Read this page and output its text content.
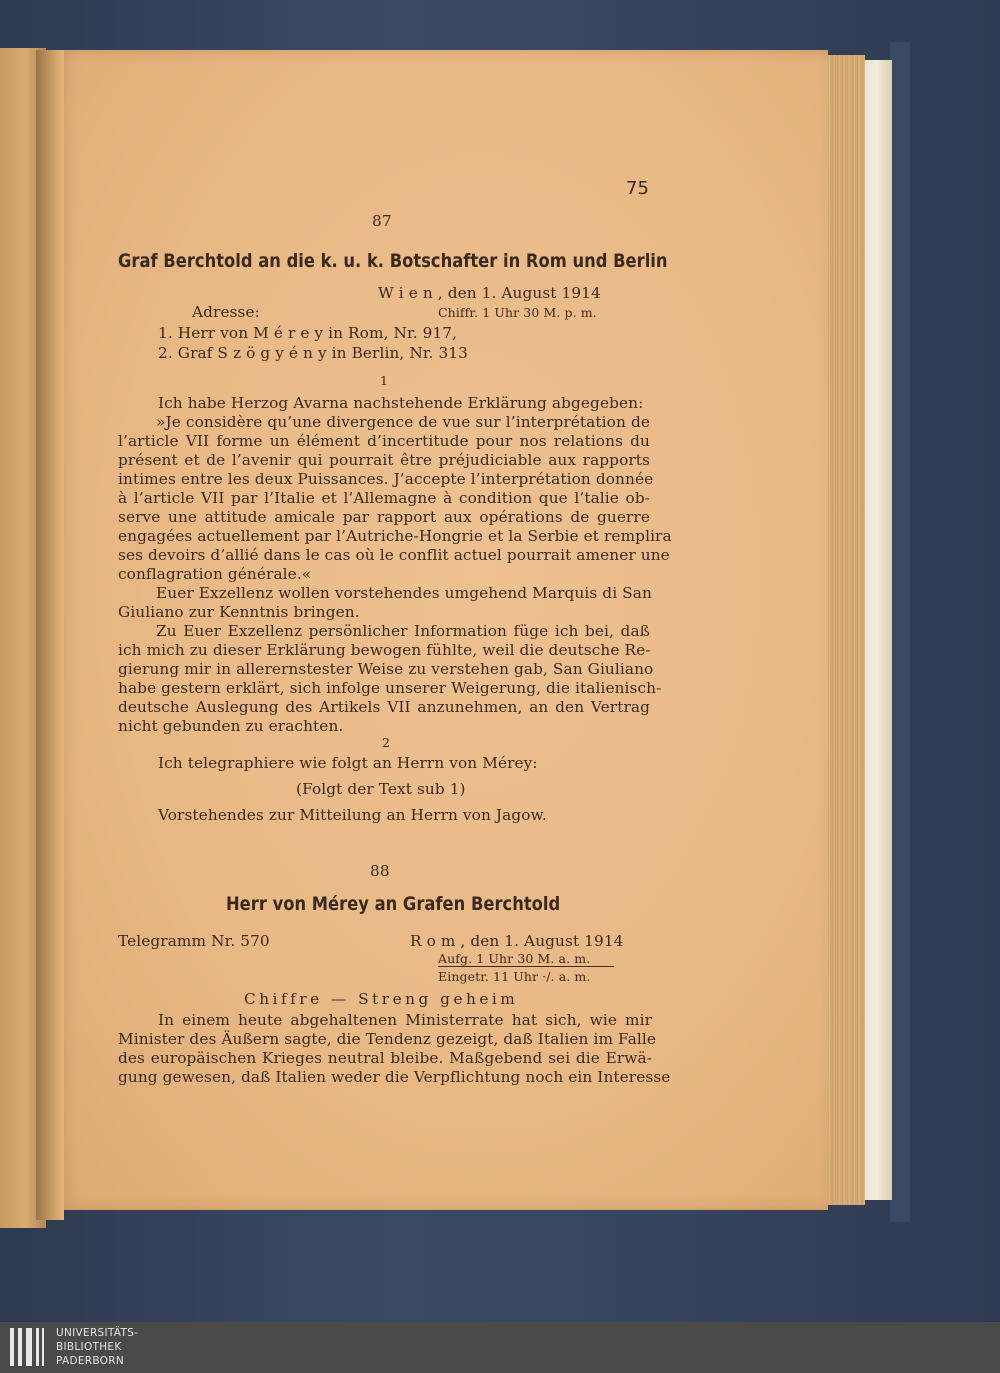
75
87
Graf Berchtold an die k. u. k. Botschafter in Rom und Berlin
W i e n , den 1. August 1914
Adresse:	Chiffr. 1 Uhr 30 M. p. m.
1. Herr von M é r e y in Rom, Nr. 917,
2. Graf S z ö g y é n y in Berlin, Nr. 313
1
Ich habe Herzog Avarna nachstehende Erklärung abgegeben:
»Je considère qu’une divergence de vue sur l’interprétation de
l’article VII forme un élément d’incertitude pour nos relations du
présent et de l’avenir qui pourrait être préjudiciable aux rapports
intimes entre les deux Puissances. J’accepte l’interprétation donnée
à l’article VII par l’Italie et l’Allemagne à condition que l’talie ob-
serve une attitude amicale par rapport aux opérations de guerre
engagées actuellement par l’Autriche-Hongrie et la Serbie et remplira
ses devoirs d’allié dans le cas où le conflit actuel pourrait amener une
conflagration générale.«
Euer Exzellenz wollen vorstehendes umgehend Marquis di San
Giuliano zur Kenntnis bringen.
Zu Euer Exzellenz persönlicher Information füge ich bei, daß
ich mich zu dieser Erklärung bewogen fühlte, weil die deutsche Re-
gierung mir in allerernstester Weise zu verstehen gab, San Giuliano
habe gestern erklärt, sich infolge unserer Weigerung, die italienisch-
deutsche Auslegung des Artikels VII anzunehmen, an den Vertrag
nicht gebunden zu erachten.
2
Ich telegraphiere wie folgt an Herrn von Mérey:
(Folgt der Text sub 1)
Vorstehendes zur Mitteilung an Herrn von Jagow.
88
Herr von Mérey an Grafen Berchtold
Telegramm Nr. 570	R o m , den 1. August 1914
Aufg. 1 Uhr 30 M. a. m.
Eingetr. 11 Uhr ·/. a. m.
Chiffre — Streng geheim
In einem heute abgehaltenen Ministerrate hat sich, wie mir
Minister des Äußern sagte, die Tendenz gezeigt, daß Italien im Falle
des europäischen Krieges neutral bleibe. Maßgebend sei die Erwä-
gung gewesen, daß Italien weder die Verpflichtung noch ein Interesse
UNIVERSITÄTS-
BIBLIOTHEK
PADERBORN
